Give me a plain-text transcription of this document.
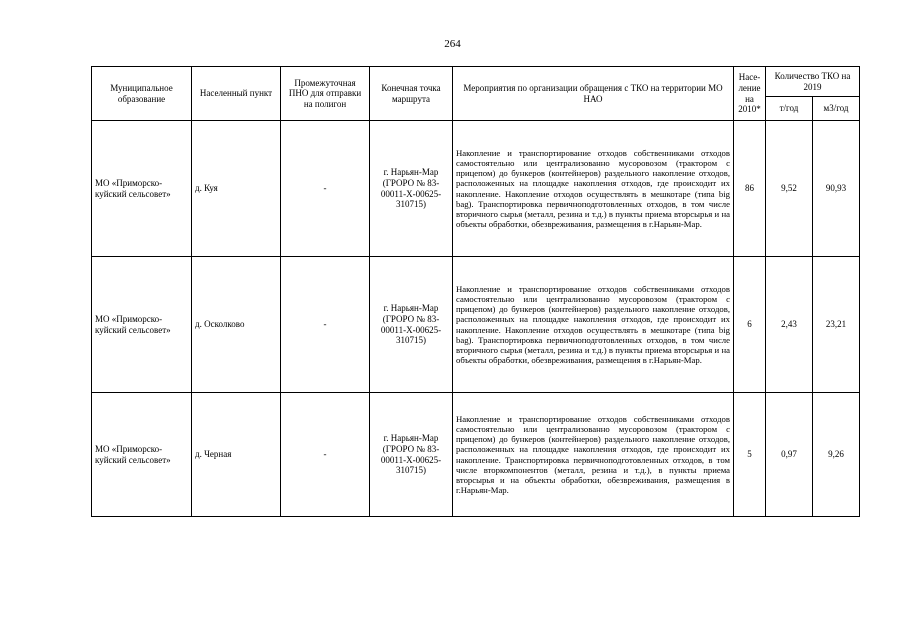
264
Муниципальное образование	Населенный пункт	Промежуточная ПНО для отправки на полигон	Конечная точка маршрута	Мероприятия по организации обращения с ТКО на территории МО НАО	Насе-ление на 2010*	Количество ТКО на 2019	
						т/год	м3/год
МО «Приморско-куйский сельсовет»	д. Куя	-	г. Нарьян-Мар (ГРОРО № 83-00011-Х-00625-310715)	Накопление и транспортирование отходов собственниками отходов самостоятельно или централизованно мусоровозом (трактором с прицепом) до бункеров (контейнеров) раздельного накопление отходов, расположенных на площадке накопления отходов, где происходит их накопление. Накопление отходов осуществлять в мешкотаре (типа big bag). Транспортировка первичноподготовленных отходов, в том числе вторичного сырья (металл, резина и т.д.) в пункты приема вторсырья и на объекты обработки, обезвреживания, размещения в г.Нарьян-Мар.	86	9,52	90,93
МО «Приморско-куйский сельсовет»	д. Осколково	-	г. Нарьян-Мар (ГРОРО № 83-00011-Х-00625-310715)	Накопление и транспортирование отходов собственниками отходов самостоятельно или централизованно мусоровозом (трактором с прицепом) до бункеров (контейнеров) раздельного накопление отходов, расположенных на площадке накопления отходов, где происходит их накопление. Накопление отходов осуществлять в мешкотаре (типа big bag). Транспортировка первичноподготовленных отходов, в том числе вторичного сырья (металл, резина и т.д.) в пункты приема вторсырья и на объекты обработки, обезвреживания, размещения в г.Нарьян-Мар.	6	2,43	23,21
МО «Приморско-куйский сельсовет»	д. Черная	-	г. Нарьян-Мар (ГРОРО № 83-00011-Х-00625-310715)	Накопление и транспортирование отходов собственниками отходов самостоятельно или централизованно мусоровозом (трактором с прицепом) до бункеров (контейнеров) раздельного накопление отходов, расположенных на площадке накопления отходов, где происходит их накопление. Транспортировка первичноподготовленных отходов, в том числе вторкомпонентов (металл, резина и т.д.), в пункты приема вторсырья и на объекты обработки, обезвреживания, размещения в г.Нарьян-Мар.	5	0,97	9,26
